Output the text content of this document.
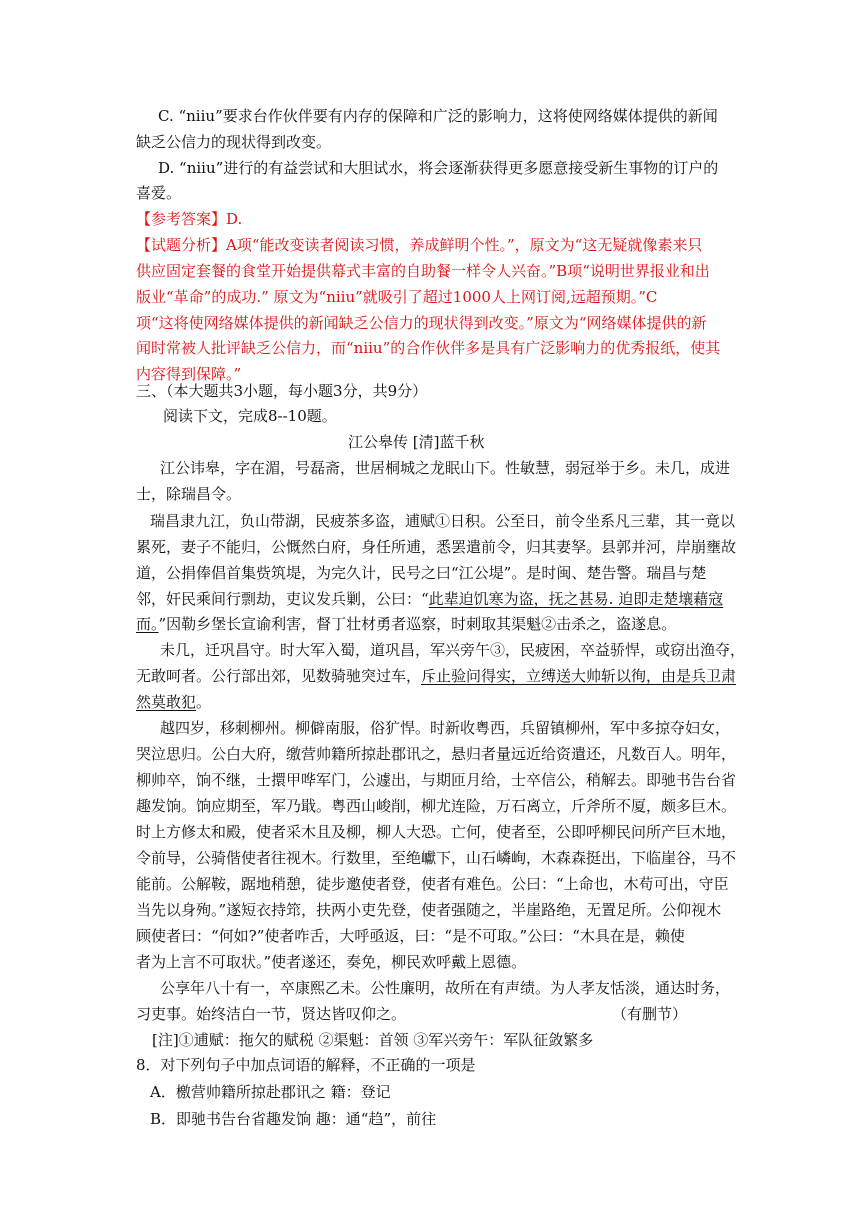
C. “niiu”要求台作伙伴要有内存的保障和广泛的影响力，这将使网络媒体提供的新闻
缺乏公信力的现状得到改变。
D. “niiu”进行的有益尝试和大胆试水，将会逐渐获得更多愿意接受新生事物的订户的
喜爱。
【参考答案】D.
【试题分析】A项“能改变读者阅读习惯，养成鲜明个性。”，原文为“这无疑就像素来只
供应固定套餐的食堂开始提供幕式丰富的自助餐一样令人兴奋。”B项“说明世界报业和出
版业“革命”的成功.” 原文为“niiu”就吸引了超过1000人上网订阅,远超预期。”C
项“这将使网络媒体提供的新闻缺乏公信力的现状得到改变。”原文为“网络媒体提供的新
闻时常被人批评缺乏公信力，而“niiu”的合作伙伴多是具有广泛影响力的优秀报纸，使其
内容得到保障。”
三、（本大题共3小题，每小题3分，共9分）
阅读下文，完成8--10题。
江公皋传 [清]蓝千秋
江公讳皋，字在湄，号磊斋，世居桐城之龙眠山下。性敏慧，弱冠举于乡。未几，成进
士，除瑞昌令。
瑞昌隶九江，负山带湖，民疲茶多盗，逋赋①日积。公至日，前令坐系凡三辈，其一竟以
累死，妻子不能归，公慨然白府，身任所逋，悉罢遣前令，归其妻孥。县郭并河，岸崩壅故
道，公捐俸倡首集赀筑堤，为完久计，民号之曰“江公堤”。是时闽、楚告警。瑞昌与楚
邻，奸民乘间行剽劫，吏议发兵剿，公曰：“此辈迫饥寒为盗，抚之甚易. 迫即走楚壤藉寇
而。”因勒乡堡长宣谕利害，督丁壮材勇者巡察，时刺取其渠魁②击杀之，盗遂息。
未几，迁巩昌守。时大军入蜀，道巩昌，军兴旁午③，民疲困，卒益骄悍，或窃出渔夺，
无敢呵者。公行部出郊，见数骑驰突过车，斥止验问得实，立缚送大帅斩以徇，由是兵卫肃
然莫敢犯。
越四岁，移刺柳州。柳僻南服，俗犷悍。时新收粤西，兵留镇柳州，军中多掠夺妇女，
哭泣思归。公白大府，缴营帅籍所掠赴郡讯之，悬归者量远近给资遣还，凡数百人。明年，
柳帅卒，饷不继，士擐甲哗军门，公遽出，与期匝月给，士卒信公，稍解去。即驰书告台省
趣发饷。饷应期至，军乃戢。粤西山峻削，柳尤连险，万石离立，斤斧所不厦，颇多巨木。
时上方修太和殿，使者采木且及柳，柳人大恐。亡何，使者至，公即呼柳民问所产巨木地，
令前导，公骑偕使者往视木。行数里，至绝巘下，山石嶙峋，木森森挺出，下临崖谷，马不
能前。公解鞍，踞地稍憩，徒步邀使者登，使者有难色。公曰：“上命也，木苟可出，守臣
当先以身殉。”遂短衣持筇，扶两小吏先登，使者强随之，半崖路绝，无置足所。公仰视木
顾使者曰：“何如?”使者咋舌，大呼亟返，曰：“是不可取。”公曰：“木具在是，赖使
者为上言不可取状。”使者遂还，奏免，柳民欢呼戴上恩德。
公享年八十有一，卒康熙乙未。公性廉明，故所在有声绩。为人孝友恬淡，通达时务，
习吏事。始终洁白一节，贤达皆叹仰之。	（有删节）
[注]①逋赋：拖欠的赋税 ②渠魁：首领 ③军兴旁午：军队征敛繁多
8．对下列句子中加点词语的解释，不正确的一项是
A．檄营帅籍所掠赴郡讯之 籍：登记
B．即驰书告台省趣发饷 趣：通“趋”，前往
